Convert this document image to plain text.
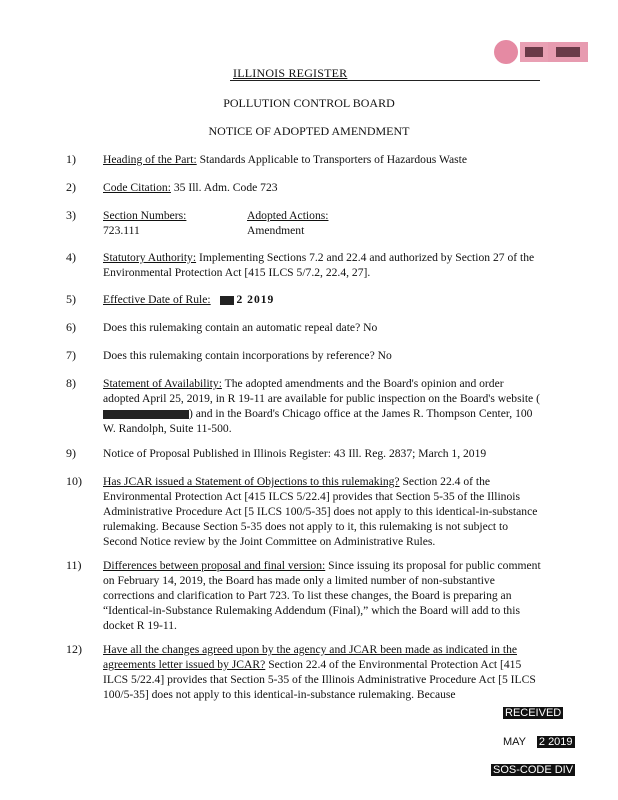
ILLINOIS REGISTER
POLLUTION CONTROL BOARD
NOTICE OF ADOPTED AMENDMENT
1) Heading of the Part: Standards Applicable to Transporters of Hazardous Waste
2) Code Citation: 35 Ill. Adm. Code 723
3) Section Numbers:
723.111
Adopted Actions:
Amendment
4) Statutory Authority: Implementing Sections 7.2 and 22.4 and authorized by Section 27 of the Environmental Protection Act [415 ILCS 5/7.2, 22.4, 27].
5) Effective Date of Rule: 2 2019
6) Does this rulemaking contain an automatic repeal date? No
7) Does this rulemaking contain incorporations by reference? No
8) Statement of Availability: The adopted amendments and the Board's opinion and order adopted April 25, 2019, in R 19-11 are available for public inspection on the Board's website () and in the Board's Chicago office at the James R. Thompson Center, 100 W. Randolph, Suite 11-500.
9) Notice of Proposal Published in Illinois Register: 43 Ill. Reg. 2837; March 1, 2019
10) Has JCAR issued a Statement of Objections to this rulemaking? Section 22.4 of the Environmental Protection Act [415 ILCS 5/22.4] provides that Section 5-35 of the Illinois Administrative Procedure Act [5 ILCS 100/5-35] does not apply to this identical-in-substance rulemaking. Because Section 5-35 does not apply to it, this rulemaking is not subject to Second Notice review by the Joint Committee on Administrative Rules.
11) Differences between proposal and final version: Since issuing its proposal for public comment on February 14, 2019, the Board has made only a limited number of non-substantive corrections and clarification to Part 723. To list these changes, the Board is preparing an “Identical-in-Substance Rulemaking Addendum (Final),” which the Board will add to this docket R 19-11.
12) Have all the changes agreed upon by the agency and JCAR been made as indicated in the agreements letter issued by JCAR? Section 22.4 of the Environmental Protection Act [415 ILCS 5/22.4] provides that Section 5-35 of the Illinois Administrative Procedure Act [5 ILCS 100/5-35] does not apply to this identical-in-substance rulemaking. Because
RECEIVED
MAY 2 2019
SOS-CODE DIV
